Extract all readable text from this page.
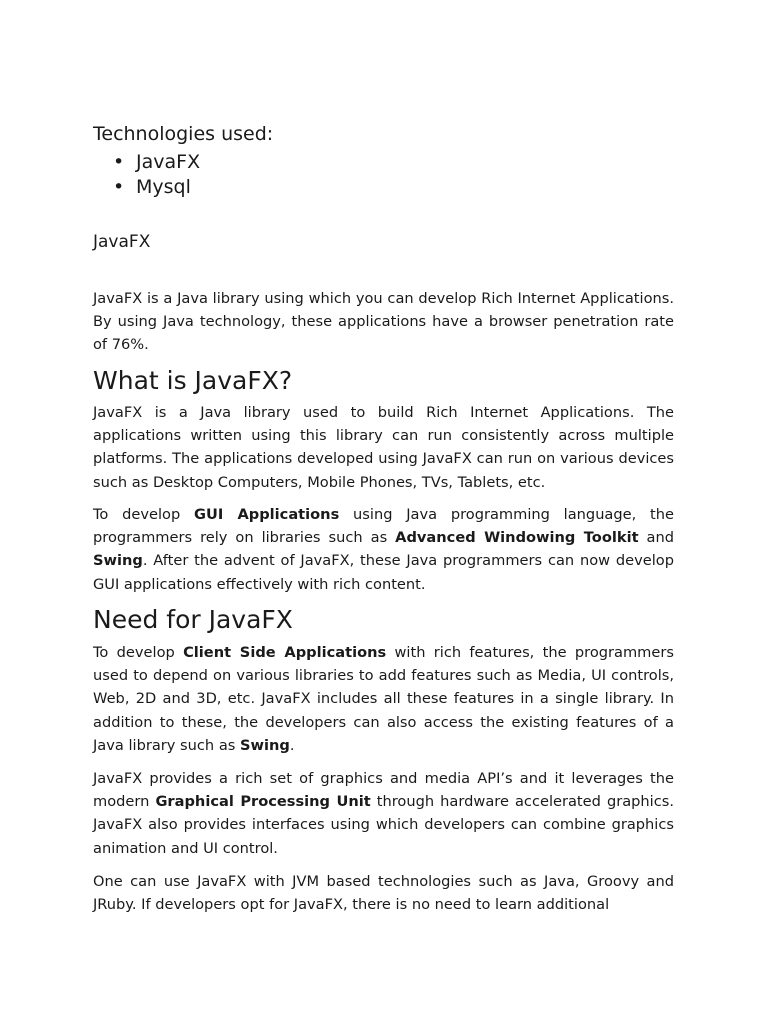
Technologies used:
• JavaFX
• Mysql
JavaFX

JavaFX is a Java library using which you can develop Rich Internet Applications. By using Java technology, these applications have a browser penetration rate of 76%.

What is JavaFX?

JavaFX is a Java library used to build Rich Internet Applications. The applications written using this library can run consistently across multiple platforms. The applications developed using JavaFX can run on various devices such as Desktop Computers, Mobile Phones, TVs, Tablets, etc.

To develop GUI Applications using Java programming language, the programmers rely on libraries such as Advanced Windowing Toolkit and Swing. After the advent of JavaFX, these Java programmers can now develop GUI applications effectively with rich content.

Need for JavaFX

To develop Client Side Applications with rich features, the programmers used to depend on various libraries to add features such as Media, UI controls, Web, 2D and 3D, etc. JavaFX includes all these features in a single library. In addition to these, the developers can also access the existing features of a Java library such as Swing.

JavaFX provides a rich set of graphics and media API’s and it leverages the modern Graphical Processing Unit through hardware accelerated graphics. JavaFX also provides interfaces using which developers can combine graphics animation and UI control.

One can use JavaFX with JVM based technologies such as Java, Groovy and JRuby. If developers opt for JavaFX, there is no need to learn additional
